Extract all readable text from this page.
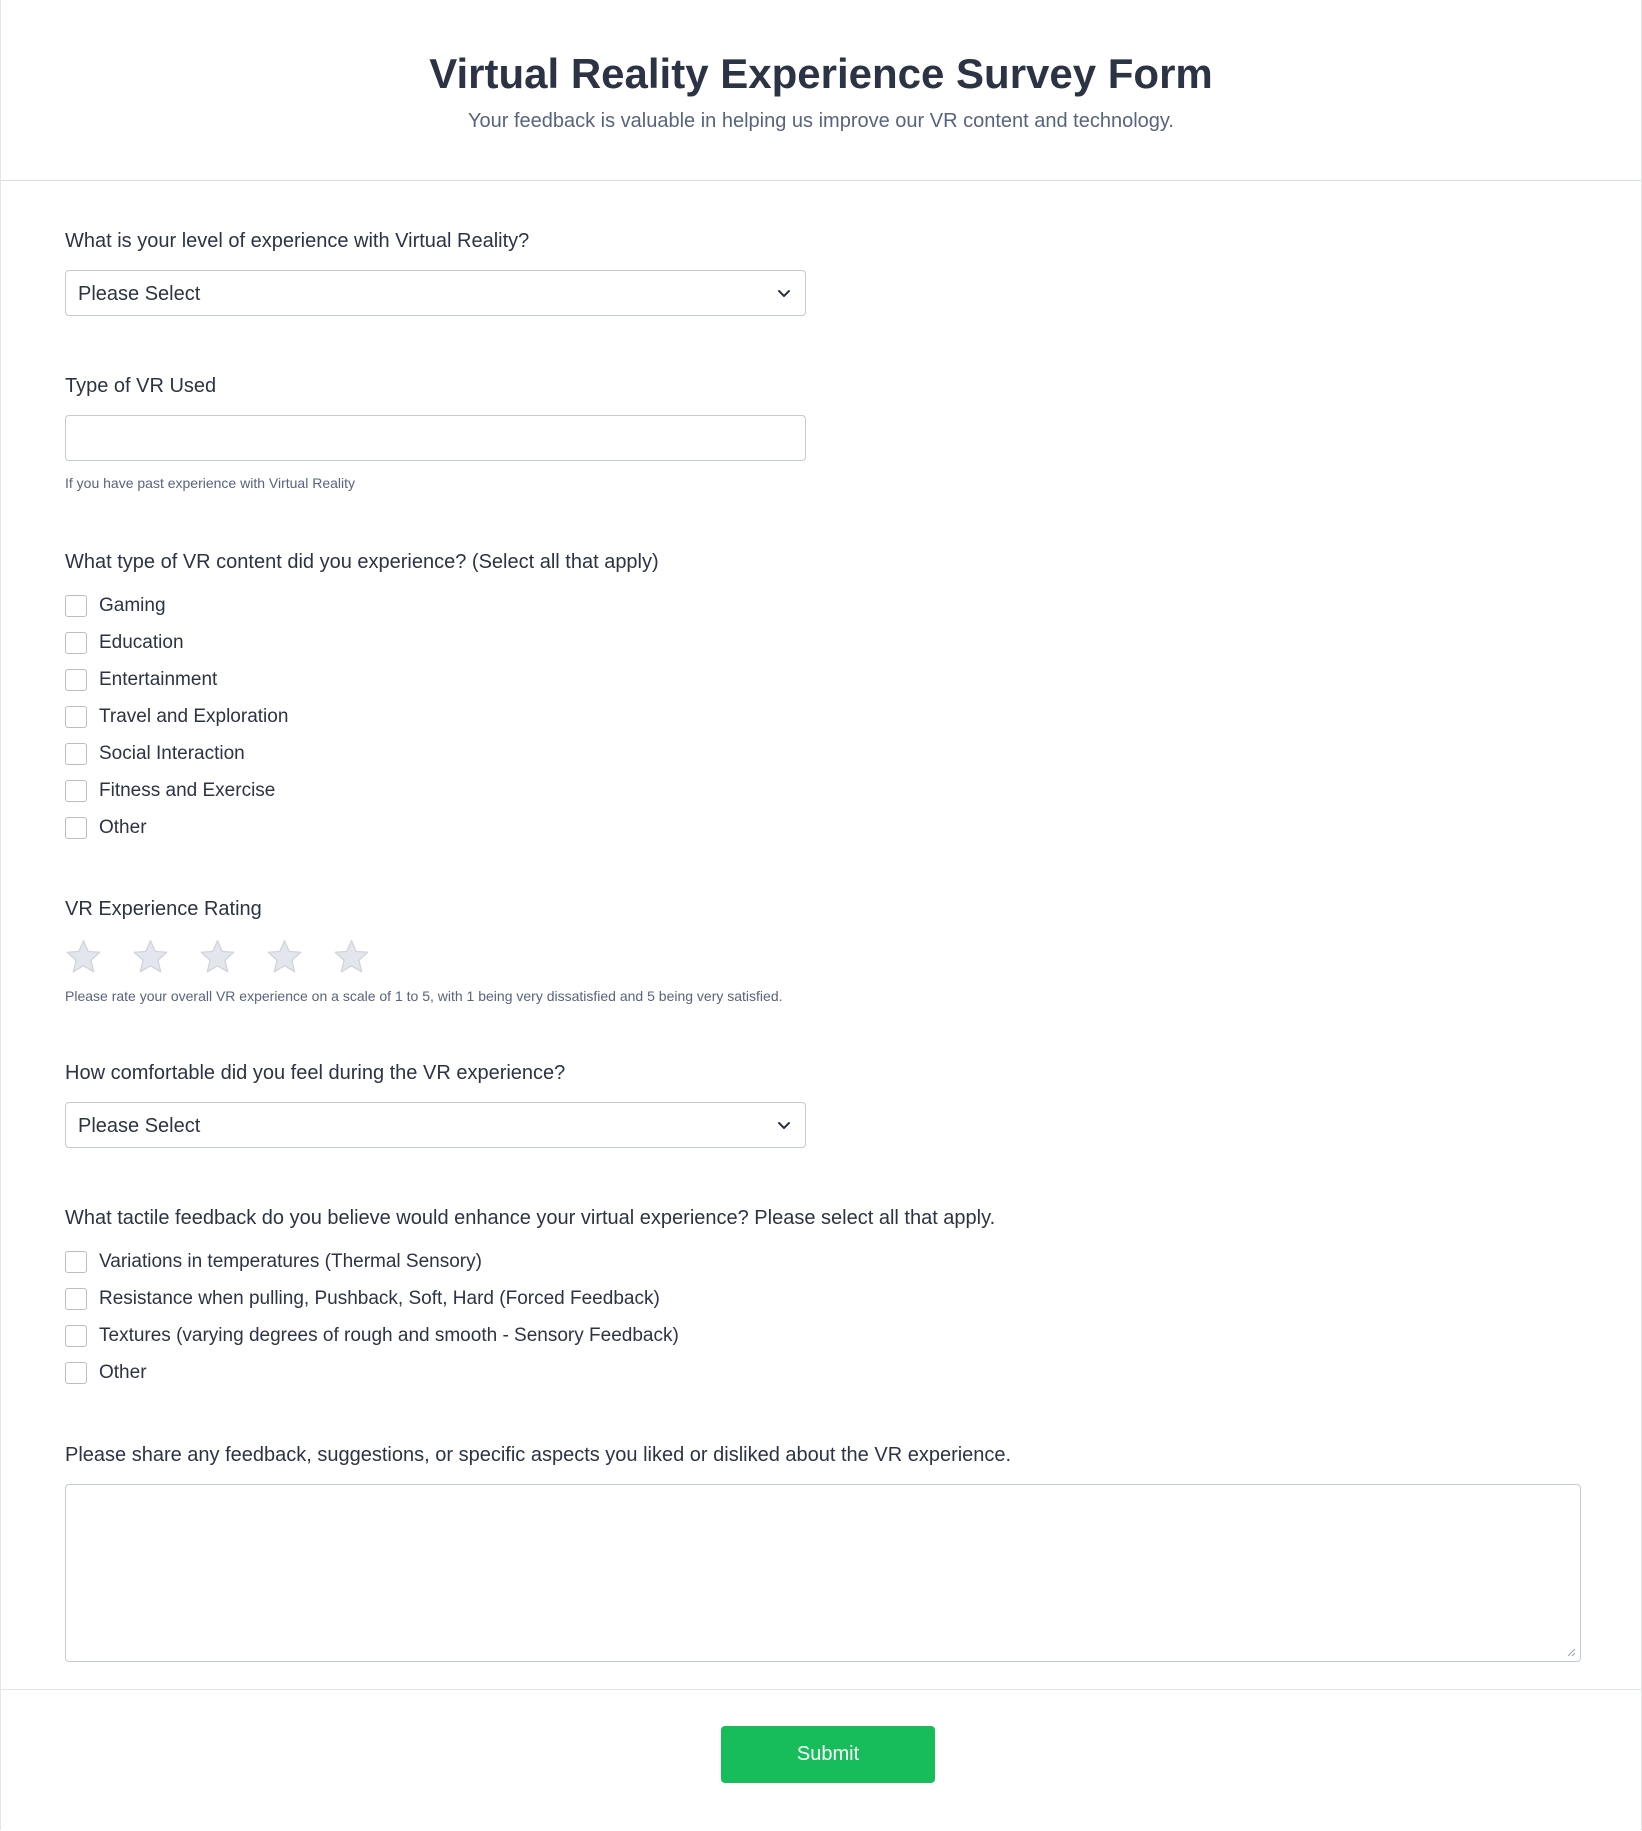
Virtual Reality Experience Survey Form

Your feedback is valuable in helping us improve our VR content and technology.

What is your level of experience with Virtual Reality?

Please Select

Type of VR Used

If you have past experience with Virtual Reality

What type of VR content did you experience? (Select all that apply)

Gaming
Education
Entertainment
Travel and Exploration
Social Interaction
Fitness and Exercise
Other

VR Experience Rating

Please rate your overall VR experience on a scale of 1 to 5, with 1 being very dissatisfied and 5 being very satisfied.

How comfortable did you feel during the VR experience?

Please Select

What tactile feedback do you believe would enhance your virtual experience? Please select all that apply.

Variations in temperatures (Thermal Sensory)
Resistance when pulling, Pushback, Soft, Hard (Forced Feedback)
Textures (varying degrees of rough and smooth - Sensory Feedback)
Other

Please share any feedback, suggestions, or specific aspects you liked or disliked about the VR experience.

Submit
